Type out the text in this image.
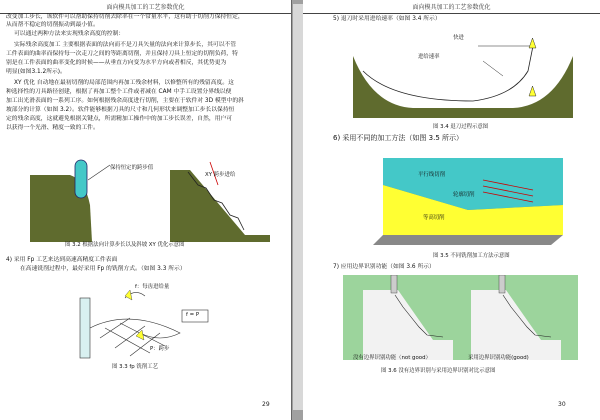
面向模具加工的工艺参数优化
改变加工步长，该软件可以帮助保持切削去除率在一个常量水平，这有助于切削力保持恒定，
从而帮不稳定的切削振动到最小值。
可以通过两种方法来实现残余高度的控制：
实际残余高度加工 主要根据表面的法向而不是刀具矢量的法向来计算步长，其可以不管
工件表面的曲率而保持每一次走刀之间的等距离切削，并且保持刀具上恒定的切削负荷，特
别是在工件表面的曲率变化的时候——从垂直方向变为水平方向或者相反，其优势更为
明显(如图3.1.2所示)。
XY 优化 自动地在最初切削的局部范围内再加工残余材料，以修整所有的残留高度。这
种选择性的刀具路径创建，根据了再加工整个工件或者减在 CAM 中手工设置分界线以便
加工出光滑表面的一系列工序。如何根据残余高度进行切削，主要在于软件对 3D 模型中的斜
坡部分的计算（如图 3.2）。软件能够根据刀具的尺寸和几何形状来调整加工步长以保持恒
定的残余高度，这就避免根据关键点，所需精加工操作中的加工步长误差，自然，用户可
以获得一个光滑、精度一致的工件。
保持恒定的跨步值
XY 跨步进给
图 3.2 根据法向计算步长以及斜坡 XY 优化示意图
4) 采用 Fp 工艺来达到高速高精度工件表面
在高速铣削过程中，最好采用 Fp 的铣削方式。（如图 3.3 所示）
f：每齿进给量
f = P
P：跨步
图 3.3 fp 铣削工艺
29
面向模具加工的工艺参数优化
5) 退刀时采用进给速率（如图 3.4 所示）
快进
进给速率
图 3.4 退刀过程示意图
6) 采用不同的加工方法（如图 3.5 所示）
平行线切削
轮廓切削
等高切削
图 3.5 不同铣削加工方法示意图
7) 应用边界识别功能（如图 3.6 所示）
没有边界识别功能（not good）	采用边界识别功能(good)
图 3.6 没有边界识别与采用边界识别对比示意图
30
